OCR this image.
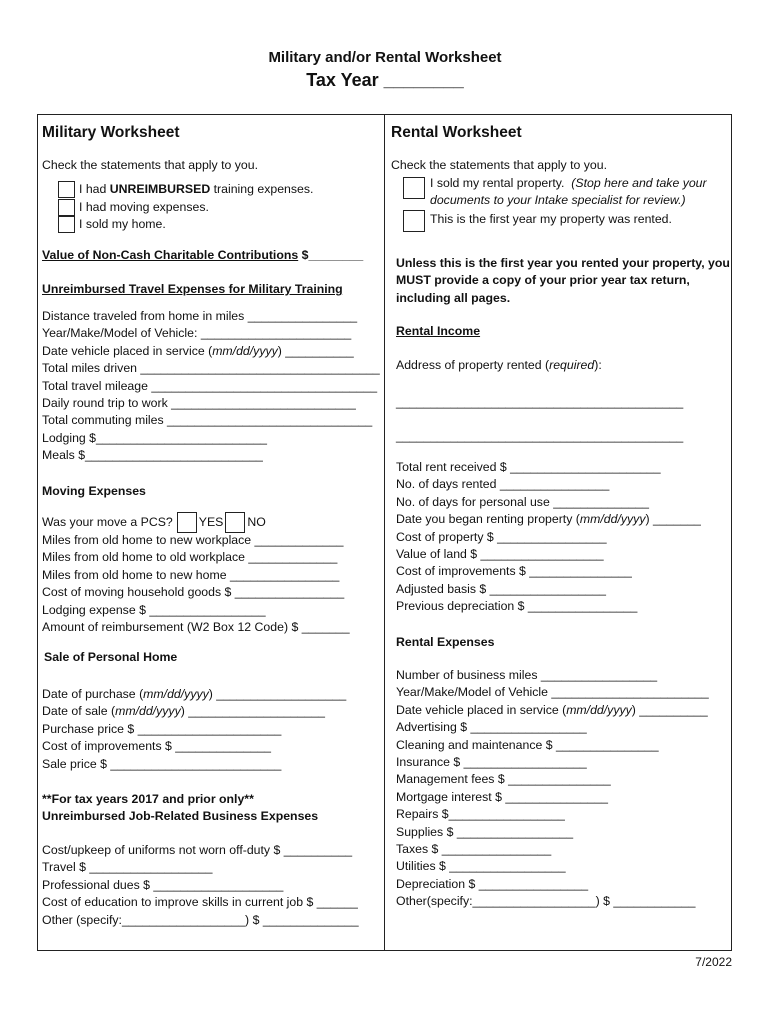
Military and/or Rental Worksheet
Tax Year ________
Military Worksheet
Check the statements that apply to you.
I had UNREIMBURSED training expenses.
I had moving expenses.
I sold my home.
Value of Non-Cash Charitable Contributions $________
Unreimbursed Travel Expenses for Military Training
Distance traveled from home in miles ________________
Year/Make/Model of Vehicle: ______________________
Date vehicle placed in service (mm/dd/yyyy) __________
Total miles driven ___________________________________
Total travel mileage _________________________________
Daily round trip to work ___________________________
Total commuting miles ______________________________
Lodging $_________________________
Meals $__________________________
Moving Expenses
Was your move a PCS? YES NO
Miles from old home to new workplace _____________
Miles from old home to old workplace _____________
Miles from old home to new home ________________
Cost of moving household goods $ ________________
Lodging expense $ _________________
Amount of reimbursement (W2 Box 12 Code) $ _______
Sale of Personal Home
Date of purchase (mm/dd/yyyy) ___________________
Date of sale (mm/dd/yyyy) ____________________
Purchase price $ _____________________
Cost of improvements $ ______________
Sale price $ _________________________
**For tax years 2017 and prior only**
Unreimbursed Job-Related Business Expenses
Cost/upkeep of uniforms not worn off-duty $ __________
Travel $ __________________
Professional dues $ ___________________
Cost of education to improve skills in current job $ ______
Other (specify:__________________) $ ______________
Rental Worksheet
Check the statements that apply to you.
I sold my rental property. (Stop here and take your
documents to your Intake specialist for review.)
This is the first year my property was rented.
Unless this is the first year you rented your property, you
MUST provide a copy of your prior year tax return,
including all pages.
Rental Income
Address of property rented (required):
__________________________________________
__________________________________________
Total rent received $ ______________________
No. of days rented ________________
No. of days for personal use ______________
Date you began renting property (mm/dd/yyyy) _______
Cost of property $ ________________
Value of land $ __________________
Cost of improvements $ _______________
Adjusted basis $ _________________
Previous depreciation $ ________________
Rental Expenses
Number of business miles _________________
Year/Make/Model of Vehicle _______________________
Date vehicle placed in service (mm/dd/yyyy) __________
Advertising $ _________________
Cleaning and maintenance $ _______________
Insurance $ __________________
Management fees $ _______________
Mortgage interest $ _______________
Repairs $_________________
Supplies $ _________________
Taxes $ ________________
Utilities $ _________________
Depreciation $ ________________
Other(specify:__________________) $ ____________
7/2022
